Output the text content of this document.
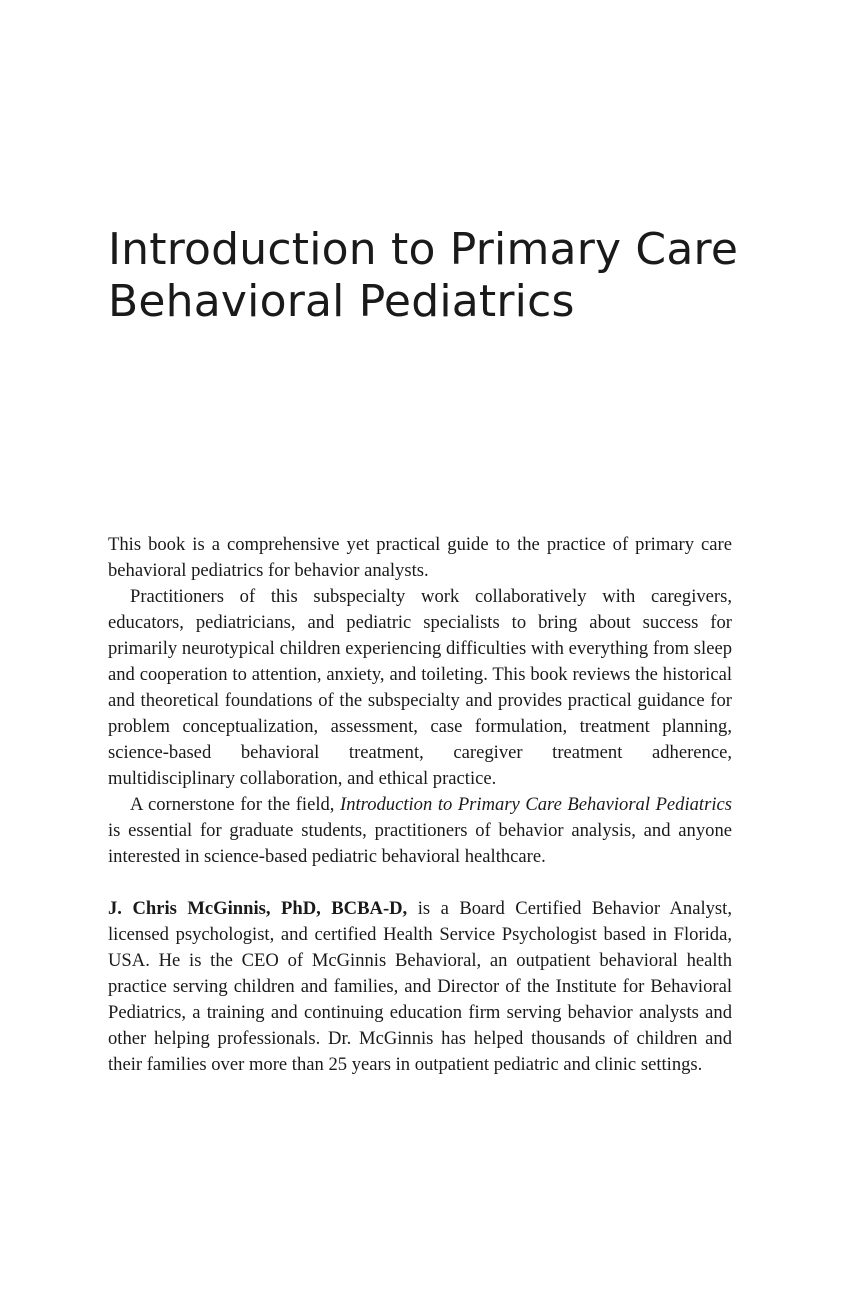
Introduction to Primary Care
Behavioral Pediatrics

This book is a comprehensive yet practical guide to the practice of primary care behavioral pediatrics for behavior analysts.

Practitioners of this subspecialty work collaboratively with caregivers, educators, pediatricians, and pediatric specialists to bring about success for primarily neurotypical children experiencing difficulties with everything from sleep and cooperation to attention, anxiety, and toileting. This book reviews the historical and theoretical foundations of the subspecialty and provides practical guidance for problem conceptualization, assessment, case formulation, treatment planning, science-based behavioral treatment, caregiver treatment adherence, multidisciplinary collaboration, and ethical practice.

A cornerstone for the field, Introduction to Primary Care Behavioral Pediatrics is essential for graduate students, practitioners of behavior analysis, and anyone interested in science-based pediatric behavioral healthcare.

J. Chris McGinnis, PhD, BCBA-D, is a Board Certified Behavior Analyst, licensed psychologist, and certified Health Service Psychologist based in Florida, USA. He is the CEO of McGinnis Behavioral, an outpatient behavioral health practice serving children and families, and Director of the Institute for Behavioral Pediatrics, a training and continuing education firm serving behavior analysts and other helping professionals. Dr. McGinnis has helped thousands of children and their families over more than 25 years in outpatient pediatric and clinic settings.
